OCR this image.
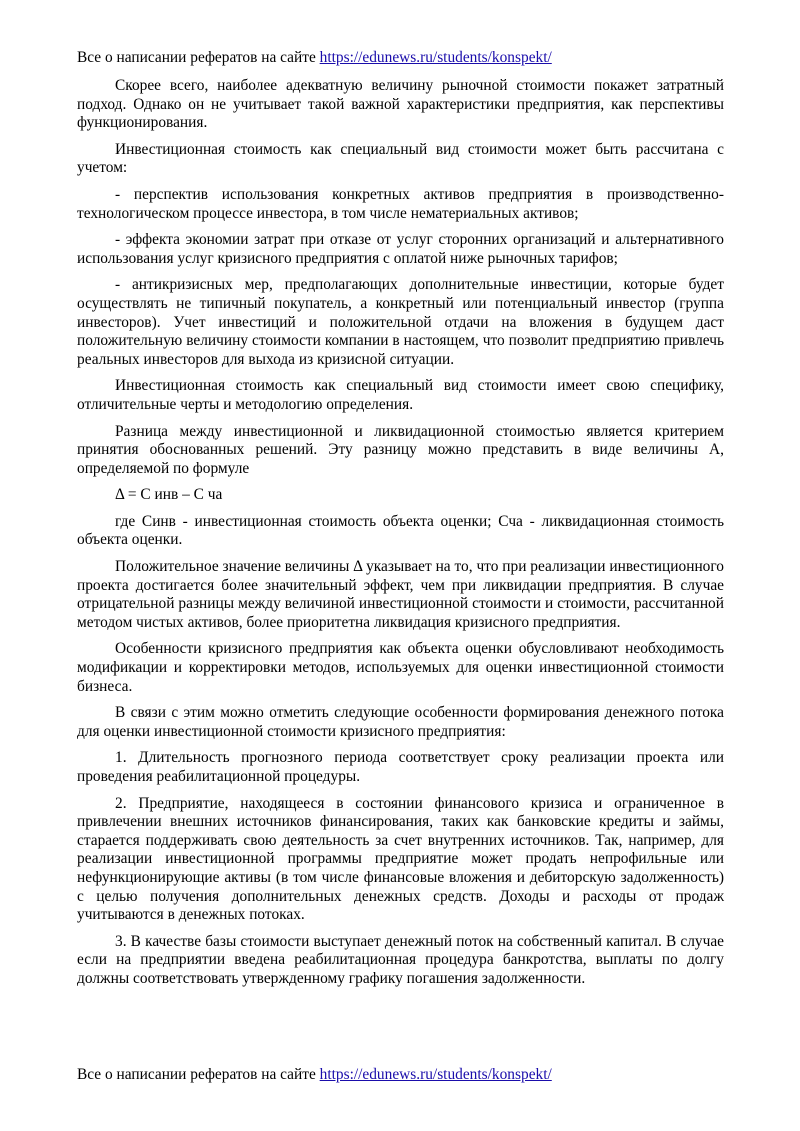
Все о написании рефератов на сайте https://edunews.ru/students/konspekt/

Скорее всего, наиболее адекватную величину рыночной стоимости покажет затратный подход. Однако он не учитывает такой важной характеристики предприятия, как перспективы функционирования.

Инвестиционная стоимость как специальный вид стоимости может быть рассчитана с учетом:

- перспектив использования конкретных активов предприятия в производственно-технологическом процессе инвестора, в том числе нематериальных активов;

- эффекта экономии затрат при отказе от услуг сторонних организаций и альтернативного использования услуг кризисного предприятия с оплатой ниже рыночных тарифов;

- антикризисных мер, предполагающих дополнительные инвестиции, которые будет осуществлять не типичный покупатель, а конкретный или потенциальный инвестор (группа инвесторов). Учет инвестиций и положительной отдачи на вложения в будущем даст положительную величину стоимости компании в настоящем, что позволит предприятию привлечь реальных инвесторов для выхода из кризисной ситуации.

Инвестиционная стоимость как специальный вид стоимости имеет свою специфику, отличительные черты и методологию определения.

Разница между инвестиционной и ликвидационной стоимостью является критерием принятия обоснованных решений. Эту разницу можно представить в виде величины А, определяемой по формуле

Δ = С инв – С ча

где Синв - инвестиционная стоимость объекта оценки; Сча - ликвидационная стоимость объекта оценки.

Положительное значение величины Δ указывает на то, что при реализации инвестиционного проекта достигается более значительный эффект, чем при ликвидации предприятия. В случае отрицательной разницы между величиной инвестиционной стоимости и стоимости, рассчитанной методом чистых активов, более приоритетна ликвидация кризисного предприятия.

Особенности кризисного предприятия как объекта оценки обусловливают необходимость модификации и корректировки методов, используемых для оценки инвестиционной стоимости бизнеса.

В связи с этим можно отметить следующие особенности формирования денежного потока для оценки инвестиционной стоимости кризисного предприятия:

1. Длительность прогнозного периода соответствует сроку реализации проекта или проведения реабилитационной процедуры.

2. Предприятие, находящееся в состоянии финансового кризиса и ограниченное в привлечении внешних источников финансирования, таких как банковские кредиты и займы, старается поддерживать свою деятельность за счет внутренних источников. Так, например, для реализации инвестиционной программы предприятие может продать непрофильные или нефункционирующие активы (в том числе финансовые вложения и дебиторскую задолженность) с целью получения дополнительных денежных средств. Доходы и расходы от продаж учитываются в денежных потоках.

3. В качестве базы стоимости выступает денежный поток на собственный капитал. В случае если на предприятии введена реабилитационная процедура банкротства, выплаты по долгу должны соответствовать утвержденному графику погашения задолженности.

Все о написании рефератов на сайте https://edunews.ru/students/konspekt/
